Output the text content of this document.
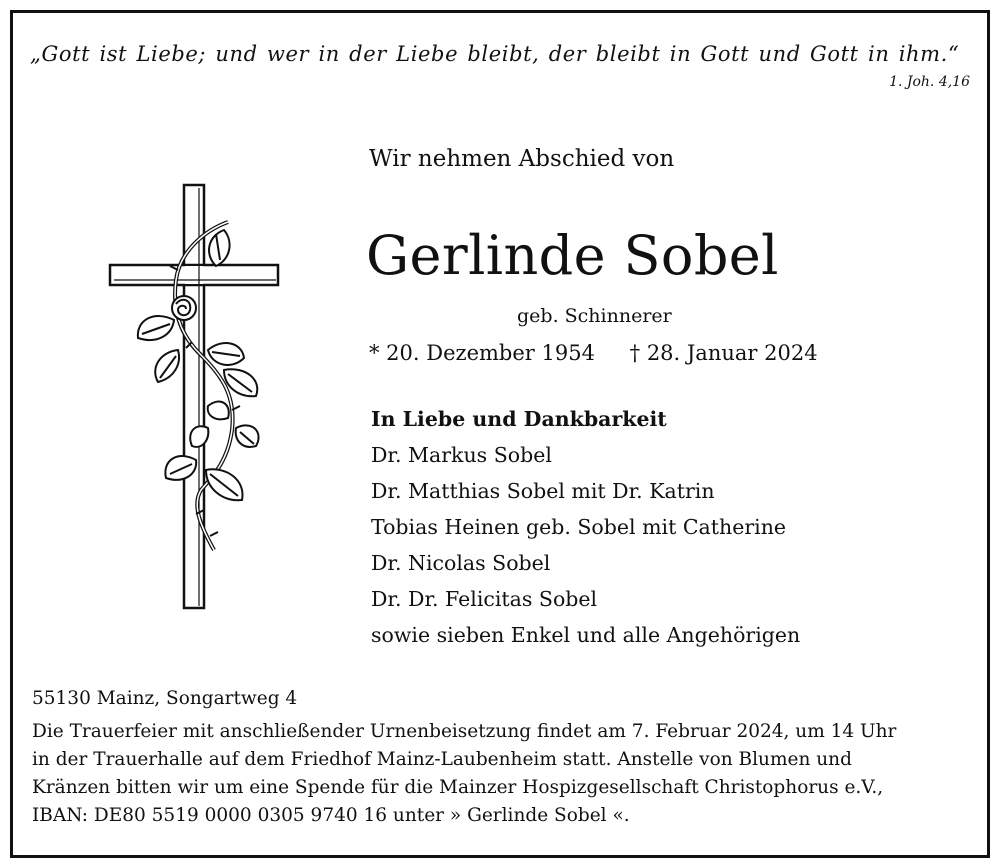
„Gott ist Liebe; und wer in der Liebe bleibt, der bleibt in Gott und Gott in ihm.“
1. Joh. 4,16
Wir nehmen Abschied von
Gerlinde Sobel
geb. Schinnerer
* 20. Dezember 1954 † 28. Januar 2024
In Liebe und Dankbarkeit
Dr. Markus Sobel
Dr. Matthias Sobel mit Dr. Katrin
Tobias Heinen geb. Sobel mit Catherine
Dr. Nicolas Sobel
Dr. Dr. Felicitas Sobel
sowie sieben Enkel und alle Angehörigen
55130 Mainz, Songartweg 4
Die Trauerfeier mit anschließender Urnenbeisetzung findet am 7. Februar 2024, um 14 Uhr
in der Trauerhalle auf dem Friedhof Mainz-Laubenheim statt. Anstelle von Blumen und
Kränzen bitten wir um eine Spende für die Mainzer Hospizgesellschaft Christophorus e.V.,
IBAN: DE80 5519 0000 0305 9740 16 unter » Gerlinde Sobel «.
